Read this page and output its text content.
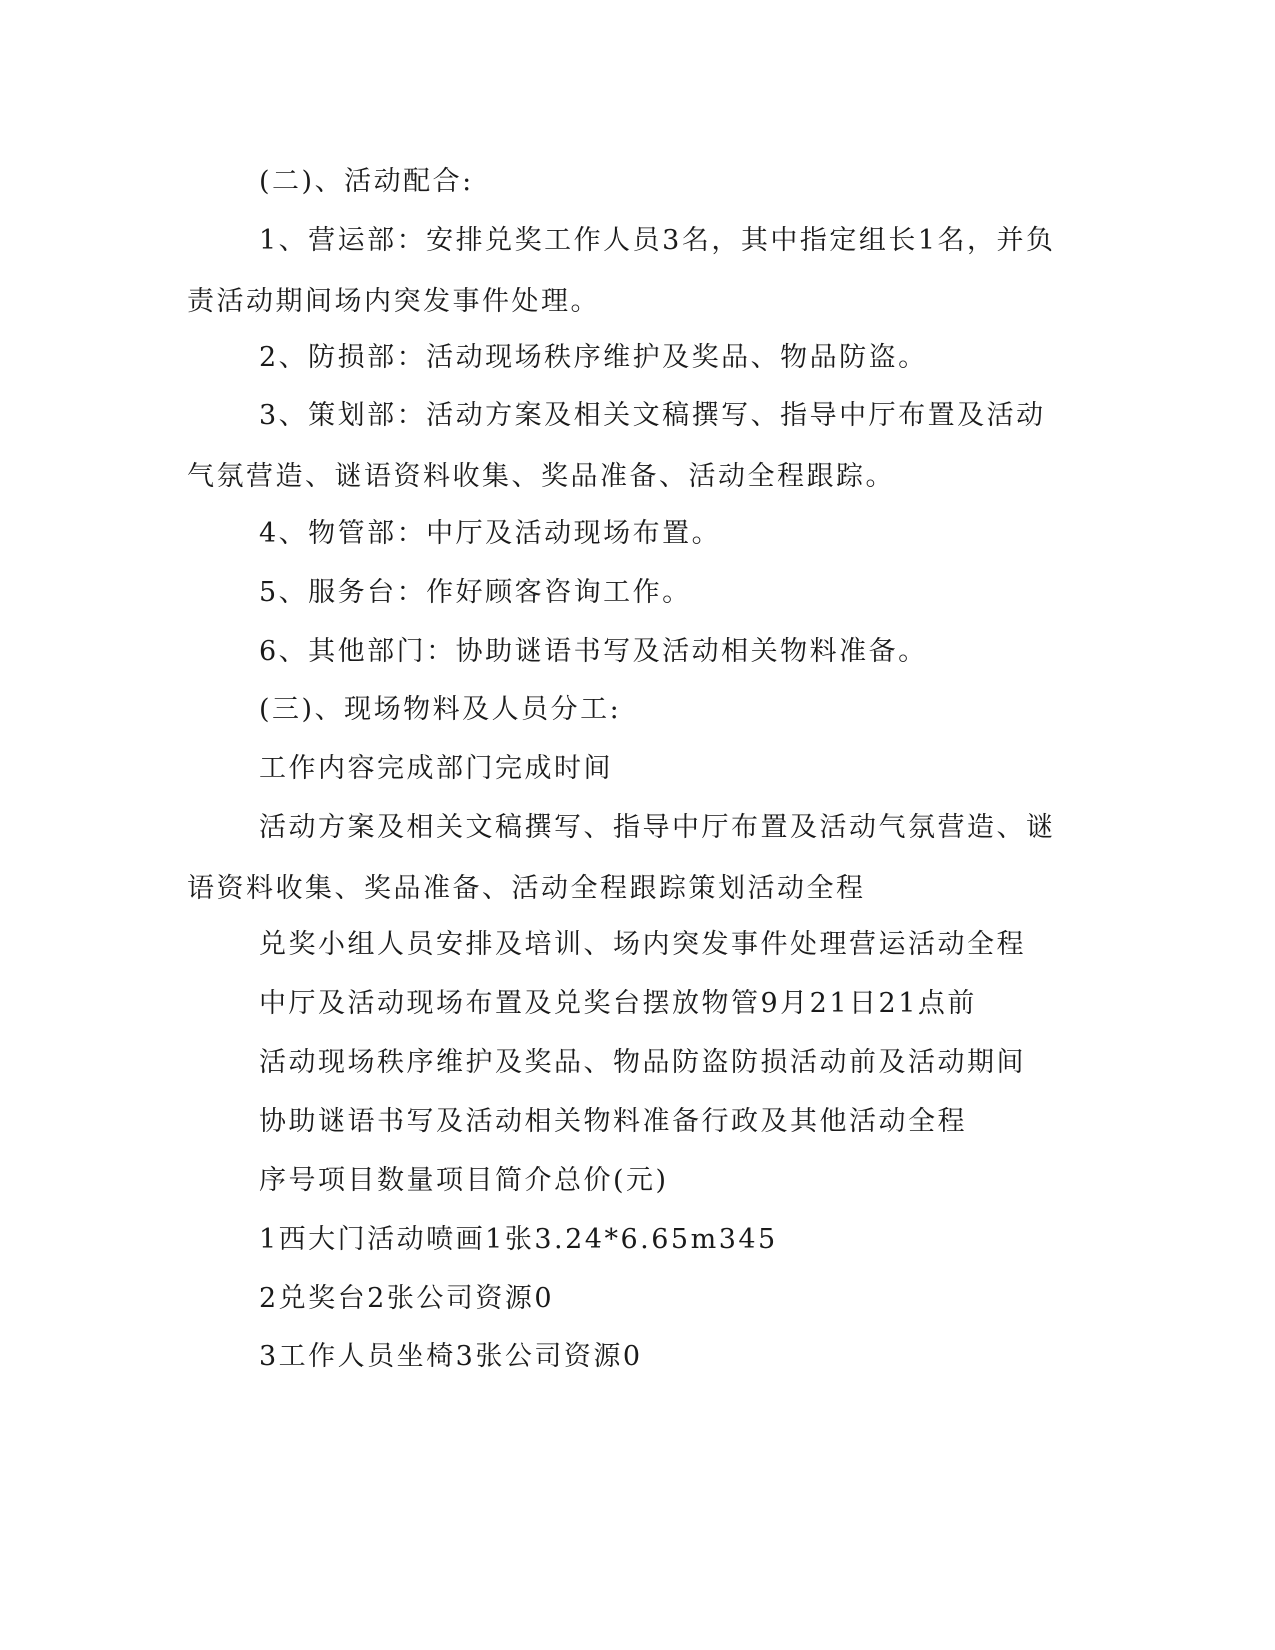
(二)、活动配合:
1、营运部：安排兑奖工作人员3名，其中指定组长1名，并负责活动期间场内突发事件处理。
2、防损部：活动现场秩序维护及奖品、物品防盗。
3、策划部：活动方案及相关文稿撰写、指导中厅布置及活动气氛营造、谜语资料收集、奖品准备、活动全程跟踪。
4、物管部：中厅及活动现场布置。
5、服务台：作好顾客咨询工作。
6、其他部门：协助谜语书写及活动相关物料准备。
(三)、现场物料及人员分工:
工作内容完成部门完成时间
活动方案及相关文稿撰写、指导中厅布置及活动气氛营造、谜语资料收集、奖品准备、活动全程跟踪策划活动全程
兑奖小组人员安排及培训、场内突发事件处理营运活动全程
中厅及活动现场布置及兑奖台摆放物管9月21日21点前
活动现场秩序维护及奖品、物品防盗防损活动前及活动期间
协助谜语书写及活动相关物料准备行政及其他活动全程
序号项目数量项目简介总价(元)
1西大门活动喷画1张3.24*6.65m345
2兑奖台2张公司资源0
3工作人员坐椅3张公司资源0
